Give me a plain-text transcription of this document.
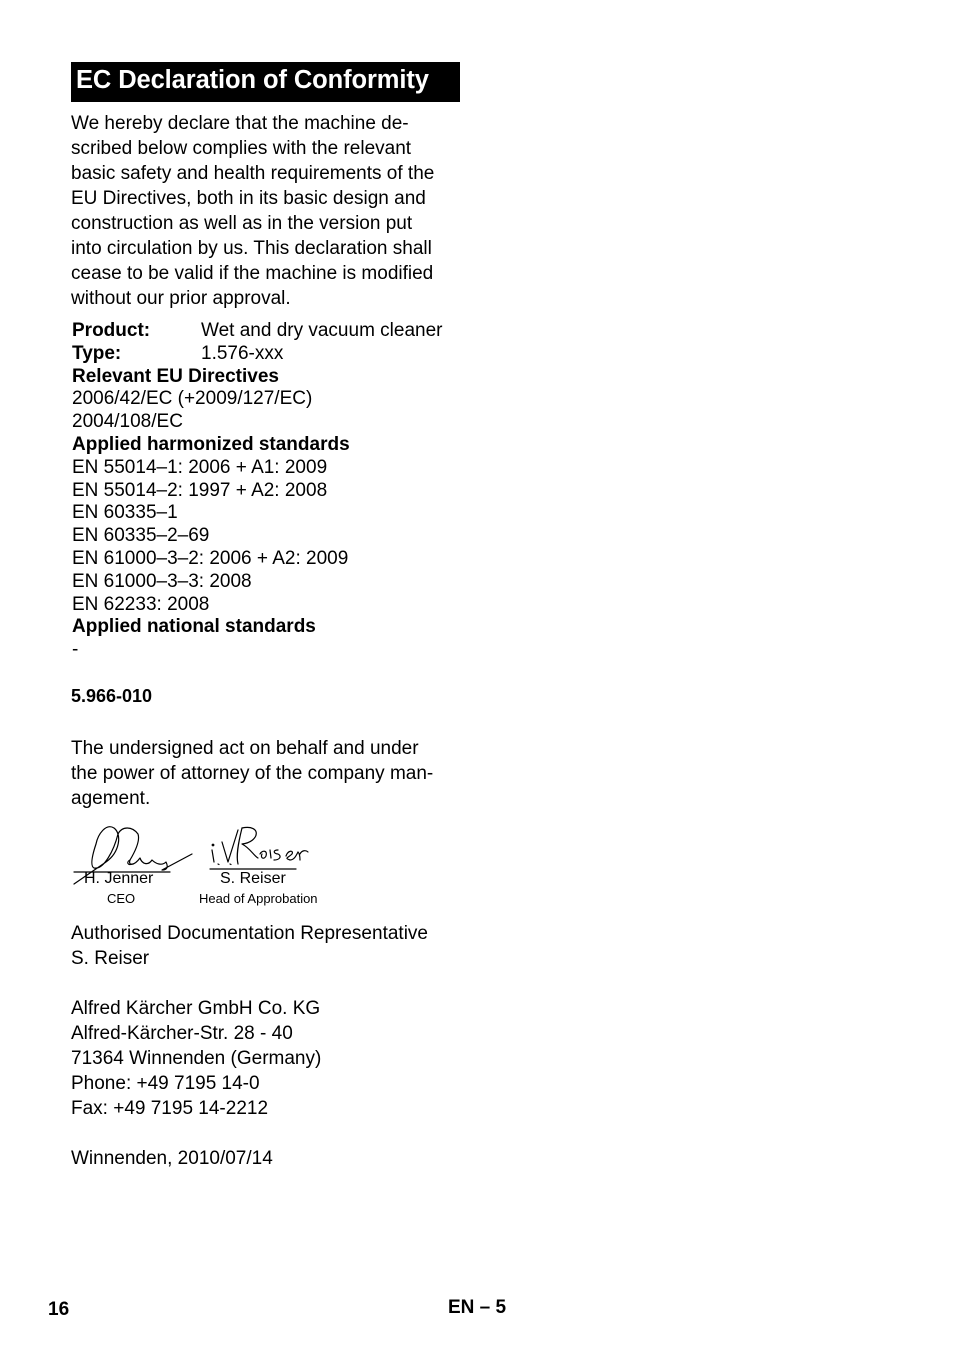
EC Declaration of Conformity
We hereby declare that the machine de-
scribed below complies with the relevant
basic safety and health requirements of the
EU Directives, both in its basic design and
construction as well as in the version put
into circulation by us. This declaration shall
cease to be valid if the machine is modified
without our prior approval.
Product:	Wet and dry vacuum cleaner
Type:	1.576-xxx
Relevant EU Directives
2006/42/EC (+2009/127/EC)
2004/108/EC
Applied harmonized standards
EN 55014–1: 2006 + A1: 2009
EN 55014–2: 1997 + A2: 2008
EN 60335–1
EN 60335–2–69
EN 61000–3–2: 2006 + A2: 2009
EN 61000–3–3: 2008
EN 62233: 2008
Applied national standards
-
5.966-010
The undersigned act on behalf and under
the power of attorney of the company man-
agement.
H. Jenner
CEO
S. Reiser
Head of Approbation
Authorised Documentation Representative
S. Reiser
Alfred Kärcher GmbH Co. KG
Alfred-Kärcher-Str. 28 - 40
71364 Winnenden (Germany)
Phone: +49 7195 14-0
Fax: +49 7195 14-2212
Winnenden, 2010/07/14
16	EN – 5
